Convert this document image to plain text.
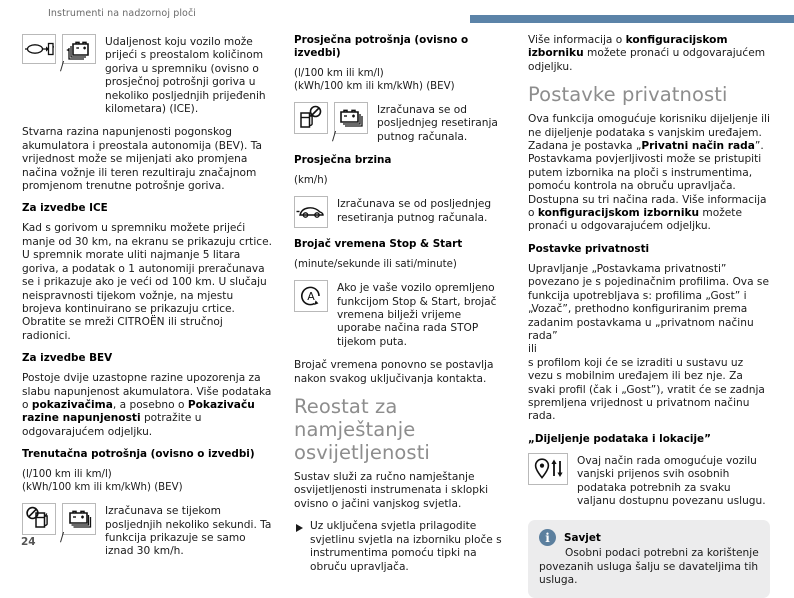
Instrumenti na nadzornoj ploči
/
Udaljenost koju vozilo može prijeći s preostalom količinom goriva u spremniku (ovisno o prosječnoj potrošnji goriva u nekoliko posljednjih prijeđenih kilometara) (ICE).

Stvarna razina napunjenosti pogonskog akumulatora i preostala autonomija (BEV). Ta vrijednost može se mijenjati ako promjena načina vožnje ili teren rezultiraju značajnom promjenom trenutne potrošnje goriva.

Za izvedbe ICE

Kad s gorivom u spremniku možete prijeći manje od 30 km, na ekranu se prikazuju crtice. U spremnik morate uliti najmanje 5 litara goriva, a podatak o 1 autonomiji preračunava se i prikazuje ako je veći od 100 km. U slučaju neispravnosti tijekom vožnje, na mjestu brojeva kontinuirano se prikazuju crtice. Obratite se mreži CITROËN ili stručnoj radionici.

Za izvedbe BEV

Postoje dvije uzastopne razine upozorenja za slabu napunjenost akumulatora. Više podataka o pokazivačima, a posebno o Pokazivaču razine napunjenosti potražite u odgovarajućem odjeljku.

Trenutačna potrošnja (ovisno o izvedbi)
(l/100 km ili km/l)
(kWh/100 km ili km/kWh) (BEV)
/
Izračunava se tijekom posljednjih nekoliko sekundi. Ta funkcija prikazuje se samo iznad 30 km/h.
Prosječna potrošnja (ovisno o izvedbi)
(l/100 km ili km/l)
(kWh/100 km ili km/kWh) (BEV)
/
Izračunava se od posljednjeg resetiranja putnog računala.
Prosječna brzina
(km/h)
Izračunava se od posljednjeg resetiranja putnog računala.
Brojač vremena Stop & Start
(minute/sekunde ili sati/minute)
A
Ako je vaše vozilo opremljeno funkcijom Stop & Start, brojač vremena bilježi vrijeme uporabe načina rada STOP tijekom puta.

Brojač vremena ponovno se postavlja nakon svakog uključivanja kontakta.

Reostat za namještanje osvijetljenosti

Sustav služi za ručno namještanje osvijetljenosti instrumenata i sklopki ovisno o jačini vanjskog svjetla.

Uz uključena svjetla prilagodite svjetlinu svjetla na izborniku ploče s instrumentima pomoću tipki na obruču upravljača.

Više informacija o konfiguracijskom izborniku možete pronaći u odgovarajućem odjeljku.

Postavke privatnosti

Ova funkcija omogućuje korisniku dijeljenje ili ne dijeljenje podataka s vanjskim uređajem. Zadana je postavka „Privatni način rada”. Postavkama povjerljivosti može se pristupiti putem izbornika na ploči s instrumentima, pomoću kontrola na obruču upravljača. Dostupna su tri načina rada. Više informacija o konfiguracijskom izborniku možete pronaći u odgovarajućem odjeljku.

Postavke privatnosti

Upravljanje „Postavkama privatnosti” povezano je s pojedinačnim profilima. Ova se funkcija upotrebljava s: profilima „Gost” i „Vozač”, prethodno konfiguriranim prema zadanim postavkama u „privatnom načinu rada”

ili

s profilom koji će se izraditi u sustavu uz vezu s mobilnim uređajem ili bez nje. Za svaki profil (čak i „Gost”), vratit će se zadnja spremljena vrijednost u privatnom načinu rada.

„Dijeljenje podataka i lokacije”
Ovaj način rada omogućuje vozilu vanjski prijenos svih osobnih podataka potrebnih za svaku valjanu dostupnu povezanu uslugu.
i	Savjet

Osobni podaci potrebni za korištenje povezanih usluga šalju se davateljima tih usluga.

24
